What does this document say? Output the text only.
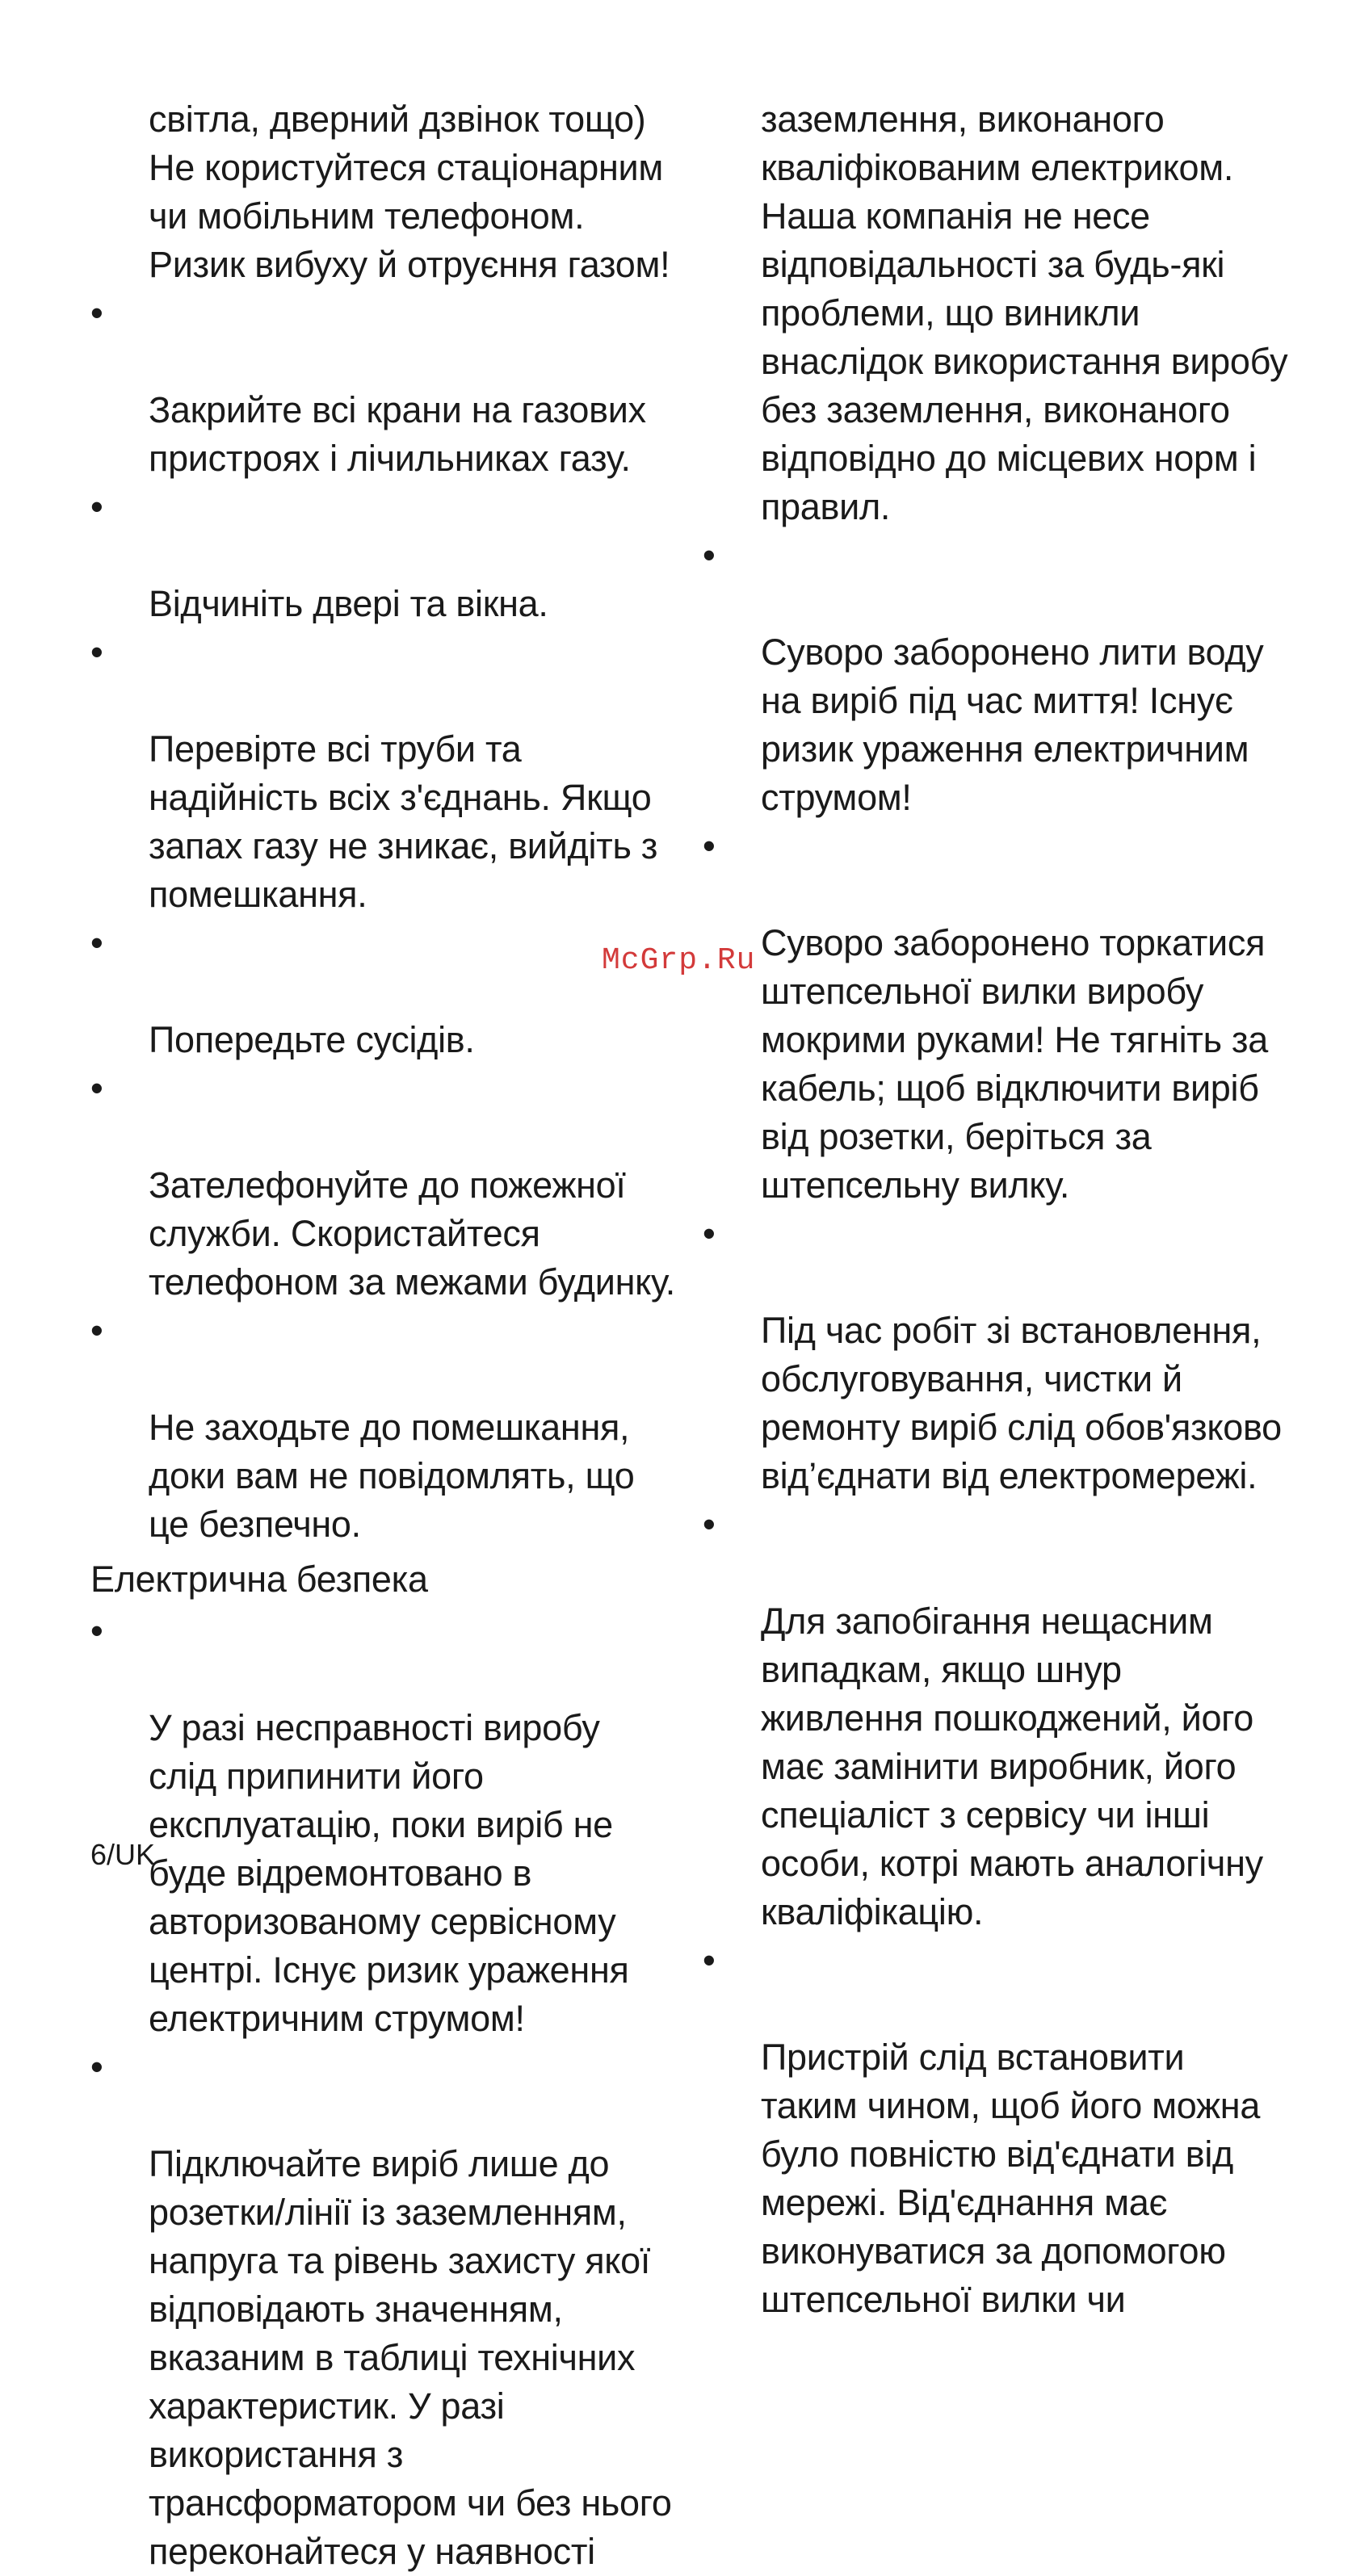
світла, дверний дзвінок тощо)
Не користуйтеся стаціонарним
чи мобільним телефоном.
Ризик вибуху й отруєння газом!

•

Закрийте всі крани на газових
пристроях і лічильниках газу.

•

Відчиніть двері та вікна.

•

Перевірте всі труби та
надійність всіх з'єднань. Якщо
запах газу не зникає, вийдіть з
помешкання.

•

Попередьте сусідів.

•

Зателефонуйте до пожежної
служби. Скористайтеся
телефоном за межами будинку.

•

Не заходьте до помешкання,
доки вам не повідомлять, що
це безпечно.

Електрична безпека

•

У разі несправності виробу
слід припинити його
експлуатацію, поки виріб не
буде відремонтовано в
авторизованому сервісному
центрі. Існує ризик ураження
електричним струмом!

•

Підключайте виріб лише до
розетки/лінії із заземленням,
напруга та рівень захисту якої
відповідають значенням,
вказаним в таблиці технічних
характеристик. У разі
використання з
трансформатором чи без нього
переконайтеся у наявності

заземлення, виконаного
кваліфікованим електриком.
Наша компанія не несе
відповідальності за будь-які
проблеми, що виникли
внаслідок використання виробу
без заземлення, виконаного
відповідно до місцевих норм і
правил.

•

Суворо заборонено лити воду
на виріб під час миття! Існує
ризик ураження електричним
струмом!

•

Суворо заборонено торкатися
штепсельної вилки виробу
мокрими руками! Не тягніть за
кабель; щоб відключити виріб
від розетки, беріться за
штепсельну вилку.

•

Під час робіт зі встановлення,
обслуговування, чистки й
ремонту виріб слід обов'язково
від’єднати від електромережі.

•

Для запобігання нещасним
випадкам, якщо шнур
живлення пошкоджений, його
має замінити виробник, його
спеціаліст з сервісу чи інші
особи, котрі мають аналогічну
кваліфікацію.

•

Пристрій слід встановити
таким чином, щоб його можна
було повністю від'єднати від
мережі. Від'єднання має
виконуватися за допомогою
штепсельної вилки чи

McGrp.Ru
6/UK
